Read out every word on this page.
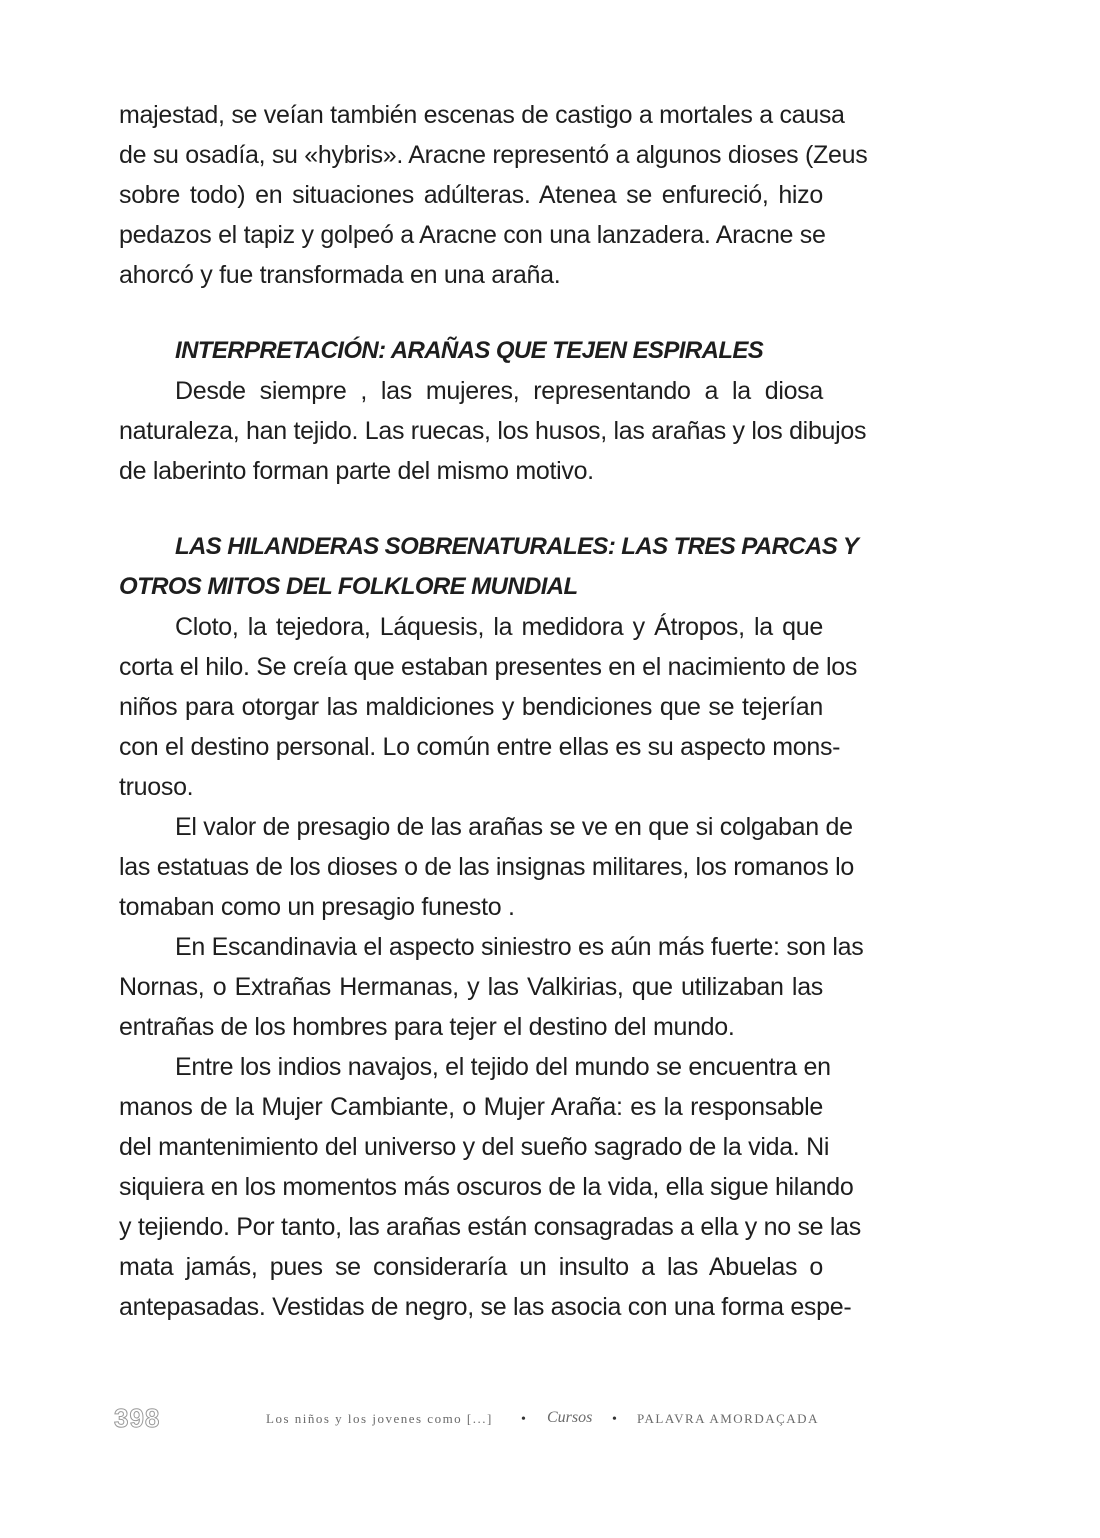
majestad, se veían también escenas de castigo a mortales a causa
de su osadía, su «hybris». Aracne representó a algunos dioses (Zeus
sobre todo) en situaciones adúlteras. Atenea se enfureció, hizo
pedazos el tapiz y golpeó a Aracne con una lanzadera. Aracne se
ahorcó y fue transformada en una araña.
INTERPRETACIÓN: ARAÑAS QUE TEJEN ESPIRALES
Desde siempre , las mujeres, representando a la diosa
naturaleza, han tejido. Las ruecas, los husos, las arañas y los dibujos
de laberinto forman parte del mismo motivo.
LAS HILANDERAS SOBRENATURALES: LAS TRES PARCAS Y
OTROS MITOS DEL FOLKLORE MUNDIAL
Cloto, la tejedora, Láquesis, la medidora y Átropos, la que
corta el hilo. Se creía que estaban presentes en el nacimiento de los
niños para otorgar las maldiciones y bendiciones que se tejerían
con el destino personal. Lo común entre ellas es su aspecto mons-
truoso.
El valor de presagio de las arañas se ve en que si colgaban de
las estatuas de los dioses o de las insignas militares, los romanos lo
tomaban como un presagio funesto .
En Escandinavia el aspecto siniestro es aún más fuerte: son las
Nornas, o Extrañas Hermanas, y las Valkirias, que utilizaban las
entrañas de los hombres para tejer el destino del mundo.
Entre los indios navajos, el tejido del mundo se encuentra en
manos de la Mujer Cambiante, o Mujer Araña: es la responsable
del mantenimiento del universo y del sueño sagrado de la vida. Ni
siquiera en los momentos más oscuros de la vida, ella sigue hilando
y tejiendo. Por tanto, las arañas están consagradas a ella y no se las
mata jamás, pues se consideraría un insulto a las Abuelas o
antepasadas. Vestidas de negro, se las asocia con una forma espe-
398	Los niños y los jovenes como [...] • Cursos • PALAVRA AMORDAÇADA
